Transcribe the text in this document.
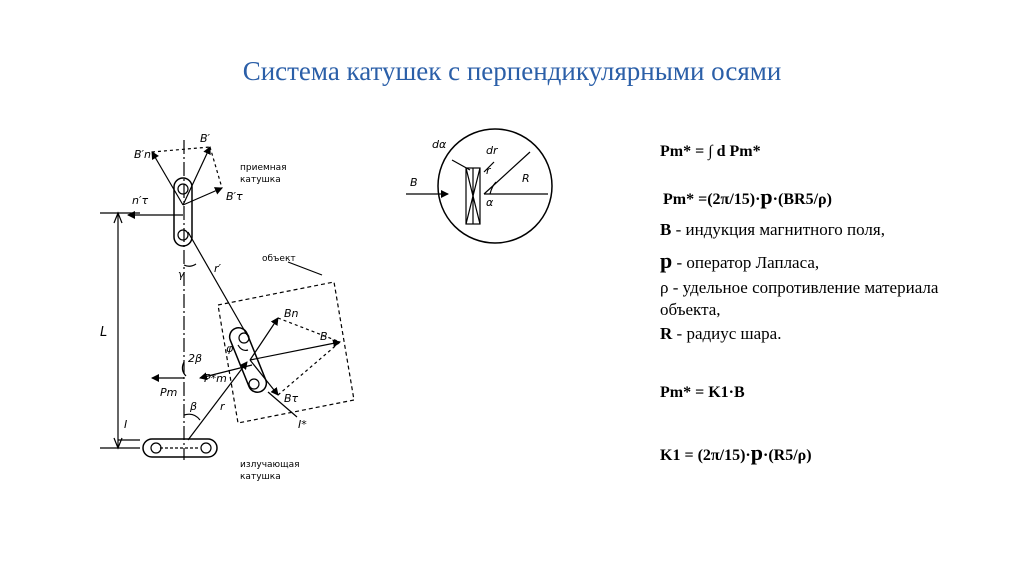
Система катушек с перпендикулярными осями
приемная
катушка
B′
B′n
B′τ
n′τ
γ	r′
объект
L
Bn
B
φ
2β
P*m
Pm
β r
Bτ
I*
I
излучающая
катушка
dα	dr
r
R
α
B
Pm* = ∫ d Pm*
Pm* =(2π/15)·p·(BR5/ρ)
B - индукция магнитного поля,
p - оператор Лапласа,
ρ - удельное сопротивление материала
объекта,
R - радиус шара.
Pm* = K1·B
K1 = (2π/15)·p·(R5/ρ)
